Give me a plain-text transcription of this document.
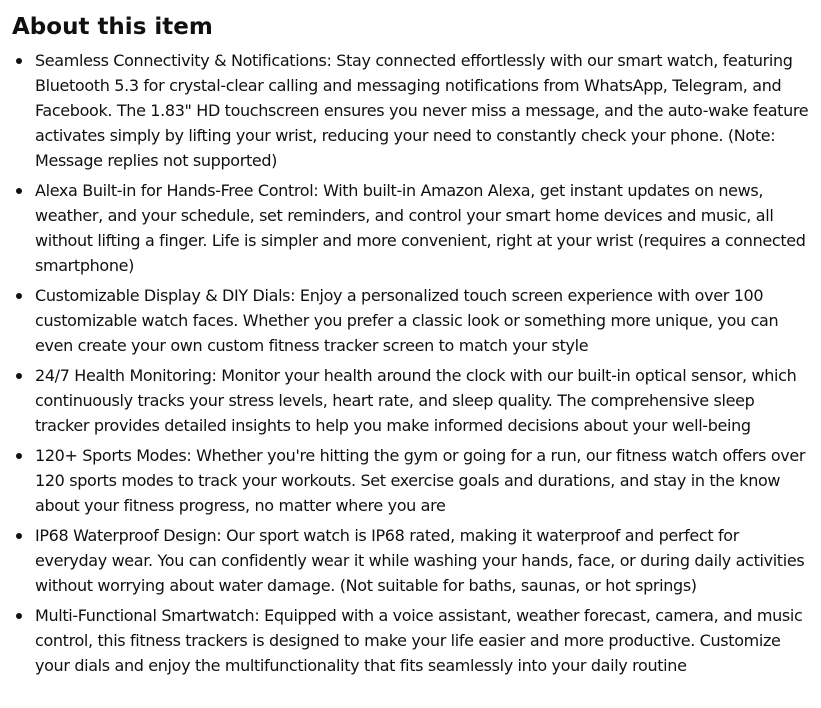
About this item
Seamless Connectivity & Notifications: Stay connected effortlessly with our smart watch, featuring Bluetooth 5.3 for crystal-clear calling and messaging notifications from WhatsApp, Telegram, and Facebook. The 1.83" HD touchscreen ensures you never miss a message, and the auto-wake feature activates simply by lifting your wrist, reducing your need to constantly check your phone. (Note: Message replies not supported)
Alexa Built-in for Hands-Free Control: With built-in Amazon Alexa, get instant updates on news, weather, and your schedule, set reminders, and control your smart home devices and music, all without lifting a finger. Life is simpler and more convenient, right at your wrist (requires a connected smartphone)
Customizable Display & DIY Dials: Enjoy a personalized touch screen experience with over 100 customizable watch faces. Whether you prefer a classic look or something more unique, you can even create your own custom fitness tracker screen to match your style
24/7 Health Monitoring: Monitor your health around the clock with our built-in optical sensor, which continuously tracks your stress levels, heart rate, and sleep quality. The comprehensive sleep tracker provides detailed insights to help you make informed decisions about your well-being
120+ Sports Modes: Whether you're hitting the gym or going for a run, our fitness watch offers over 120 sports modes to track your workouts. Set exercise goals and durations, and stay in the know about your fitness progress, no matter where you are
IP68 Waterproof Design: Our sport watch is IP68 rated, making it waterproof and perfect for everyday wear. You can confidently wear it while washing your hands, face, or during daily activities without worrying about water damage. (Not suitable for baths, saunas, or hot springs)
Multi-Functional Smartwatch: Equipped with a voice assistant, weather forecast, camera, and music control, this fitness trackers is designed to make your life easier and more productive. Customize your dials and enjoy the multifunctionality that fits seamlessly into your daily routine
